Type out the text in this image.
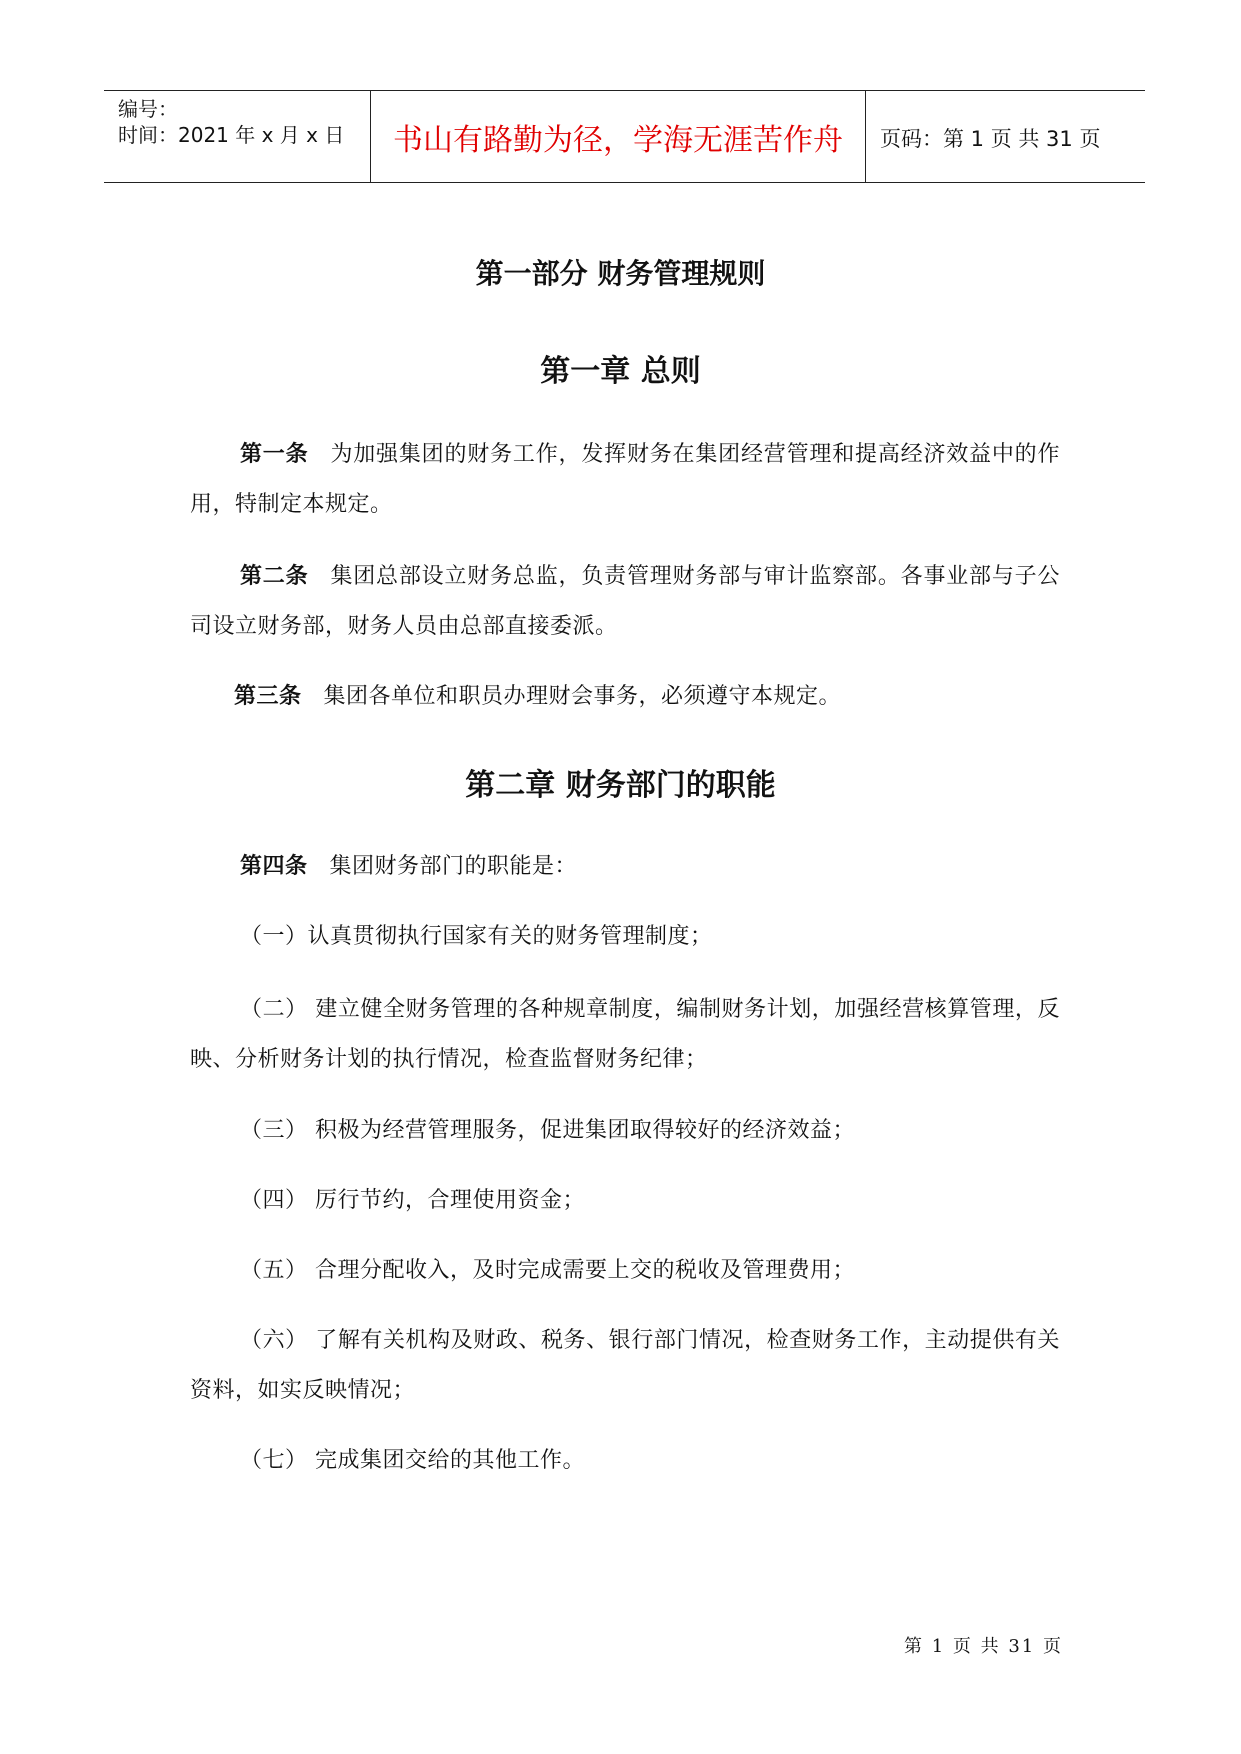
编号：
时间：2021 年 x 月 x 日	书山有路勤为径，学海无涯苦作舟	页码：第 1 页 共 31 页
第一部分 财务管理规则
第一章 总则
第一条 为加强集团的财务工作，发挥财务在集团经营管理和提高经济效益中的作用，特制定本规定。
第二条 集团总部设立财务总监，负责管理财务部与审计监察部。各事业部与子公司设立财务部，财务人员由总部直接委派。
第三条 集团各单位和职员办理财会事务，必须遵守本规定。
第二章 财务部门的职能
第四条 集团财务部门的职能是：
（一）认真贯彻执行国家有关的财务管理制度；
（二） 建立健全财务管理的各种规章制度，编制财务计划，加强经营核算管理，反映、分析财务计划的执行情况，检查监督财务纪律；
（三） 积极为经营管理服务，促进集团取得较好的经济效益；
（四） 厉行节约，合理使用资金；
（五） 合理分配收入，及时完成需要上交的税收及管理费用；
（六） 了解有关机构及财政、税务、银行部门情况，检查财务工作，主动提供有关资料，如实反映情况；
（七） 完成集团交给的其他工作。
第 1 页 共 31 页
